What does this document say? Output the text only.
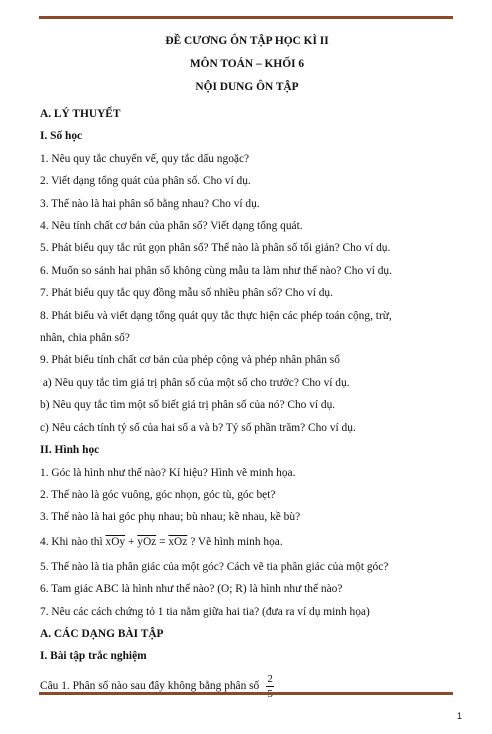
ĐỀ CƯƠNG ÔN TẬP HỌC KÌ II
MÔN TOÁN – KHỐI 6
NỘI DUNG ÔN TẬP
A. LÝ THUYẾT
I. Số học
1. Nêu quy tắc chuyển vế, quy tắc dấu ngoặc?
2. Viết dạng tổng quát của phân số. Cho ví dụ.
3. Thế nào là hai phân số bằng nhau? Cho ví dụ.
4. Nêu tính chất cơ bản của phân số? Viết dạng tổng quát.
5. Phát biểu quy tắc rút gọn phân số? Thế nào là phân số tối giản? Cho ví dụ.
6. Muốn so sánh hai phân số không cùng mẫu ta làm như thế nào? Cho ví dụ.
7. Phát biểu quy tắc quy đồng mẫu số nhiều phân số? Cho ví dụ.
8. Phát biểu và viết dạng tổng quát quy tắc thực hiện các phép toán cộng, trừ,
nhân, chia phân số?
9. Phát biểu tính chất cơ bản của phép cộng và phép nhân phân số
a) Nêu quy tắc tìm giá trị phân số của một số cho trước? Cho ví dụ.
b) Nêu quy tắc tìm một số biết giá trị phân số của nó? Cho ví dụ.
c) Nêu cách tính tỷ số của hai số a và b? Tỷ số phần trăm? Cho ví dụ.
II. Hình học
1. Góc là hình như thế nào? Kí hiệu? Hình vẽ minh họa.
2. Thế nào là góc vuông, góc nhọn, góc tù, góc bẹt?
3. Thế nào là hai góc phụ nhau; bù nhau; kề nhau, kề bù?
4. Khi nào thì $\overline{xOy} + \overline{yOz} = \overline{xOz}$ ? Vẽ hình minh họa.
5. Thế nào là tia phân giác của một góc? Cách vẽ tia phân giác của một góc?
6. Tam giác ABC là hình như thế nào? (O; R) là hình như thế nào?
7. Nêu các cách chứng tỏ 1 tia nằm giữa hai tia? (đưa ra ví dụ minh họa)
A. CÁC DẠNG BÀI TẬP
I. Bài tập trắc nghiệm
Câu 1. Phân số nào sau đây không bằng phân số
2
1
